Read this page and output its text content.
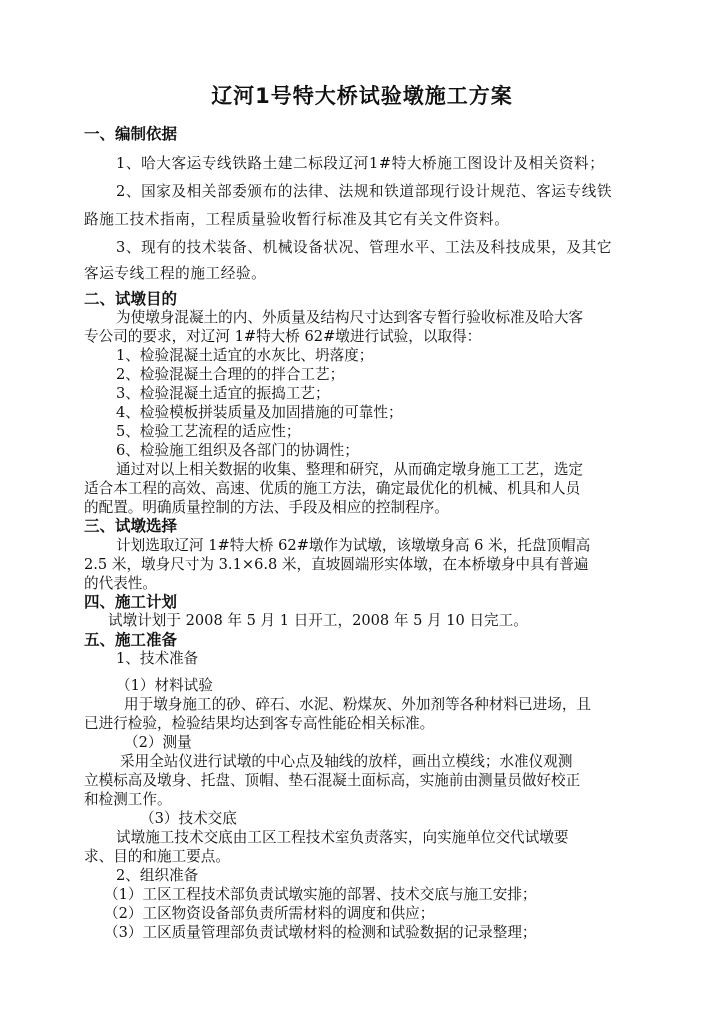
辽河1号特大桥试验墩施工方案
一、编制依据
1、哈大客运专线铁路土建二标段辽河1#特大桥施工图设计及相关资料；
2、国家及相关部委颁布的法律、法规和铁道部现行设计规范、客运专线铁
路施工技术指南，工程质量验收暂行标准及其它有关文件资料。
3、现有的技术装备、机械设备状况、管理水平、工法及科技成果，及其它
客运专线工程的施工经验。
二、试墩目的
为使墩身混凝土的内、外质量及结构尺寸达到客专暂行验收标准及哈大客
专公司的要求，对辽河 1#特大桥 62#墩进行试验，以取得：
1、检验混凝土适宜的水灰比、坍落度；
2、检验混凝土合理的的拌合工艺；
3、检验混凝土适宜的振捣工艺；
4、检验模板拼装质量及加固措施的可靠性；
5、检验工艺流程的适应性；
6、检验施工组织及各部门的协调性；
通过对以上相关数据的收集、整理和研究，从而确定墩身施工工艺，选定
适合本工程的高效、高速、优质的施工方法，确定最优化的机械、机具和人员
的配置。明确质量控制的方法、手段及相应的控制程序。
三、试墩选择
计划选取辽河 1#特大桥 62#墩作为试墩，该墩墩身高 6 米，托盘顶帽高
2.5 米，墩身尺寸为 3.1×6.8 米，直坡圆端形实体墩，在本桥墩身中具有普遍
的代表性。
四、施工计划
试墩计划于 2008 年 5 月 1 日开工，2008 年 5 月 10 日完工。
五、施工准备
1、技术准备
（1）材料试验
用于墩身施工的砂、碎石、水泥、粉煤灰、外加剂等各种材料已进场，且
已进行检验，检验结果均达到客专高性能砼相关标准。
（2）测量
采用全站仪进行试墩的中心点及轴线的放样，画出立模线；水准仪观测
立模标高及墩身、托盘、顶帽、垫石混凝土面标高，实施前由测量员做好校正
和检测工作。
（3）技术交底
试墩施工技术交底由工区工程技术室负责落实，向实施单位交代试墩要
求、目的和施工要点。
2、组织准备
（1）工区工程技术部负责试墩实施的部署、技术交底与施工安排；
（2）工区物资设备部负责所需材料的调度和供应；
（3）工区质量管理部负责试墩材料的检测和试验数据的记录整理；
